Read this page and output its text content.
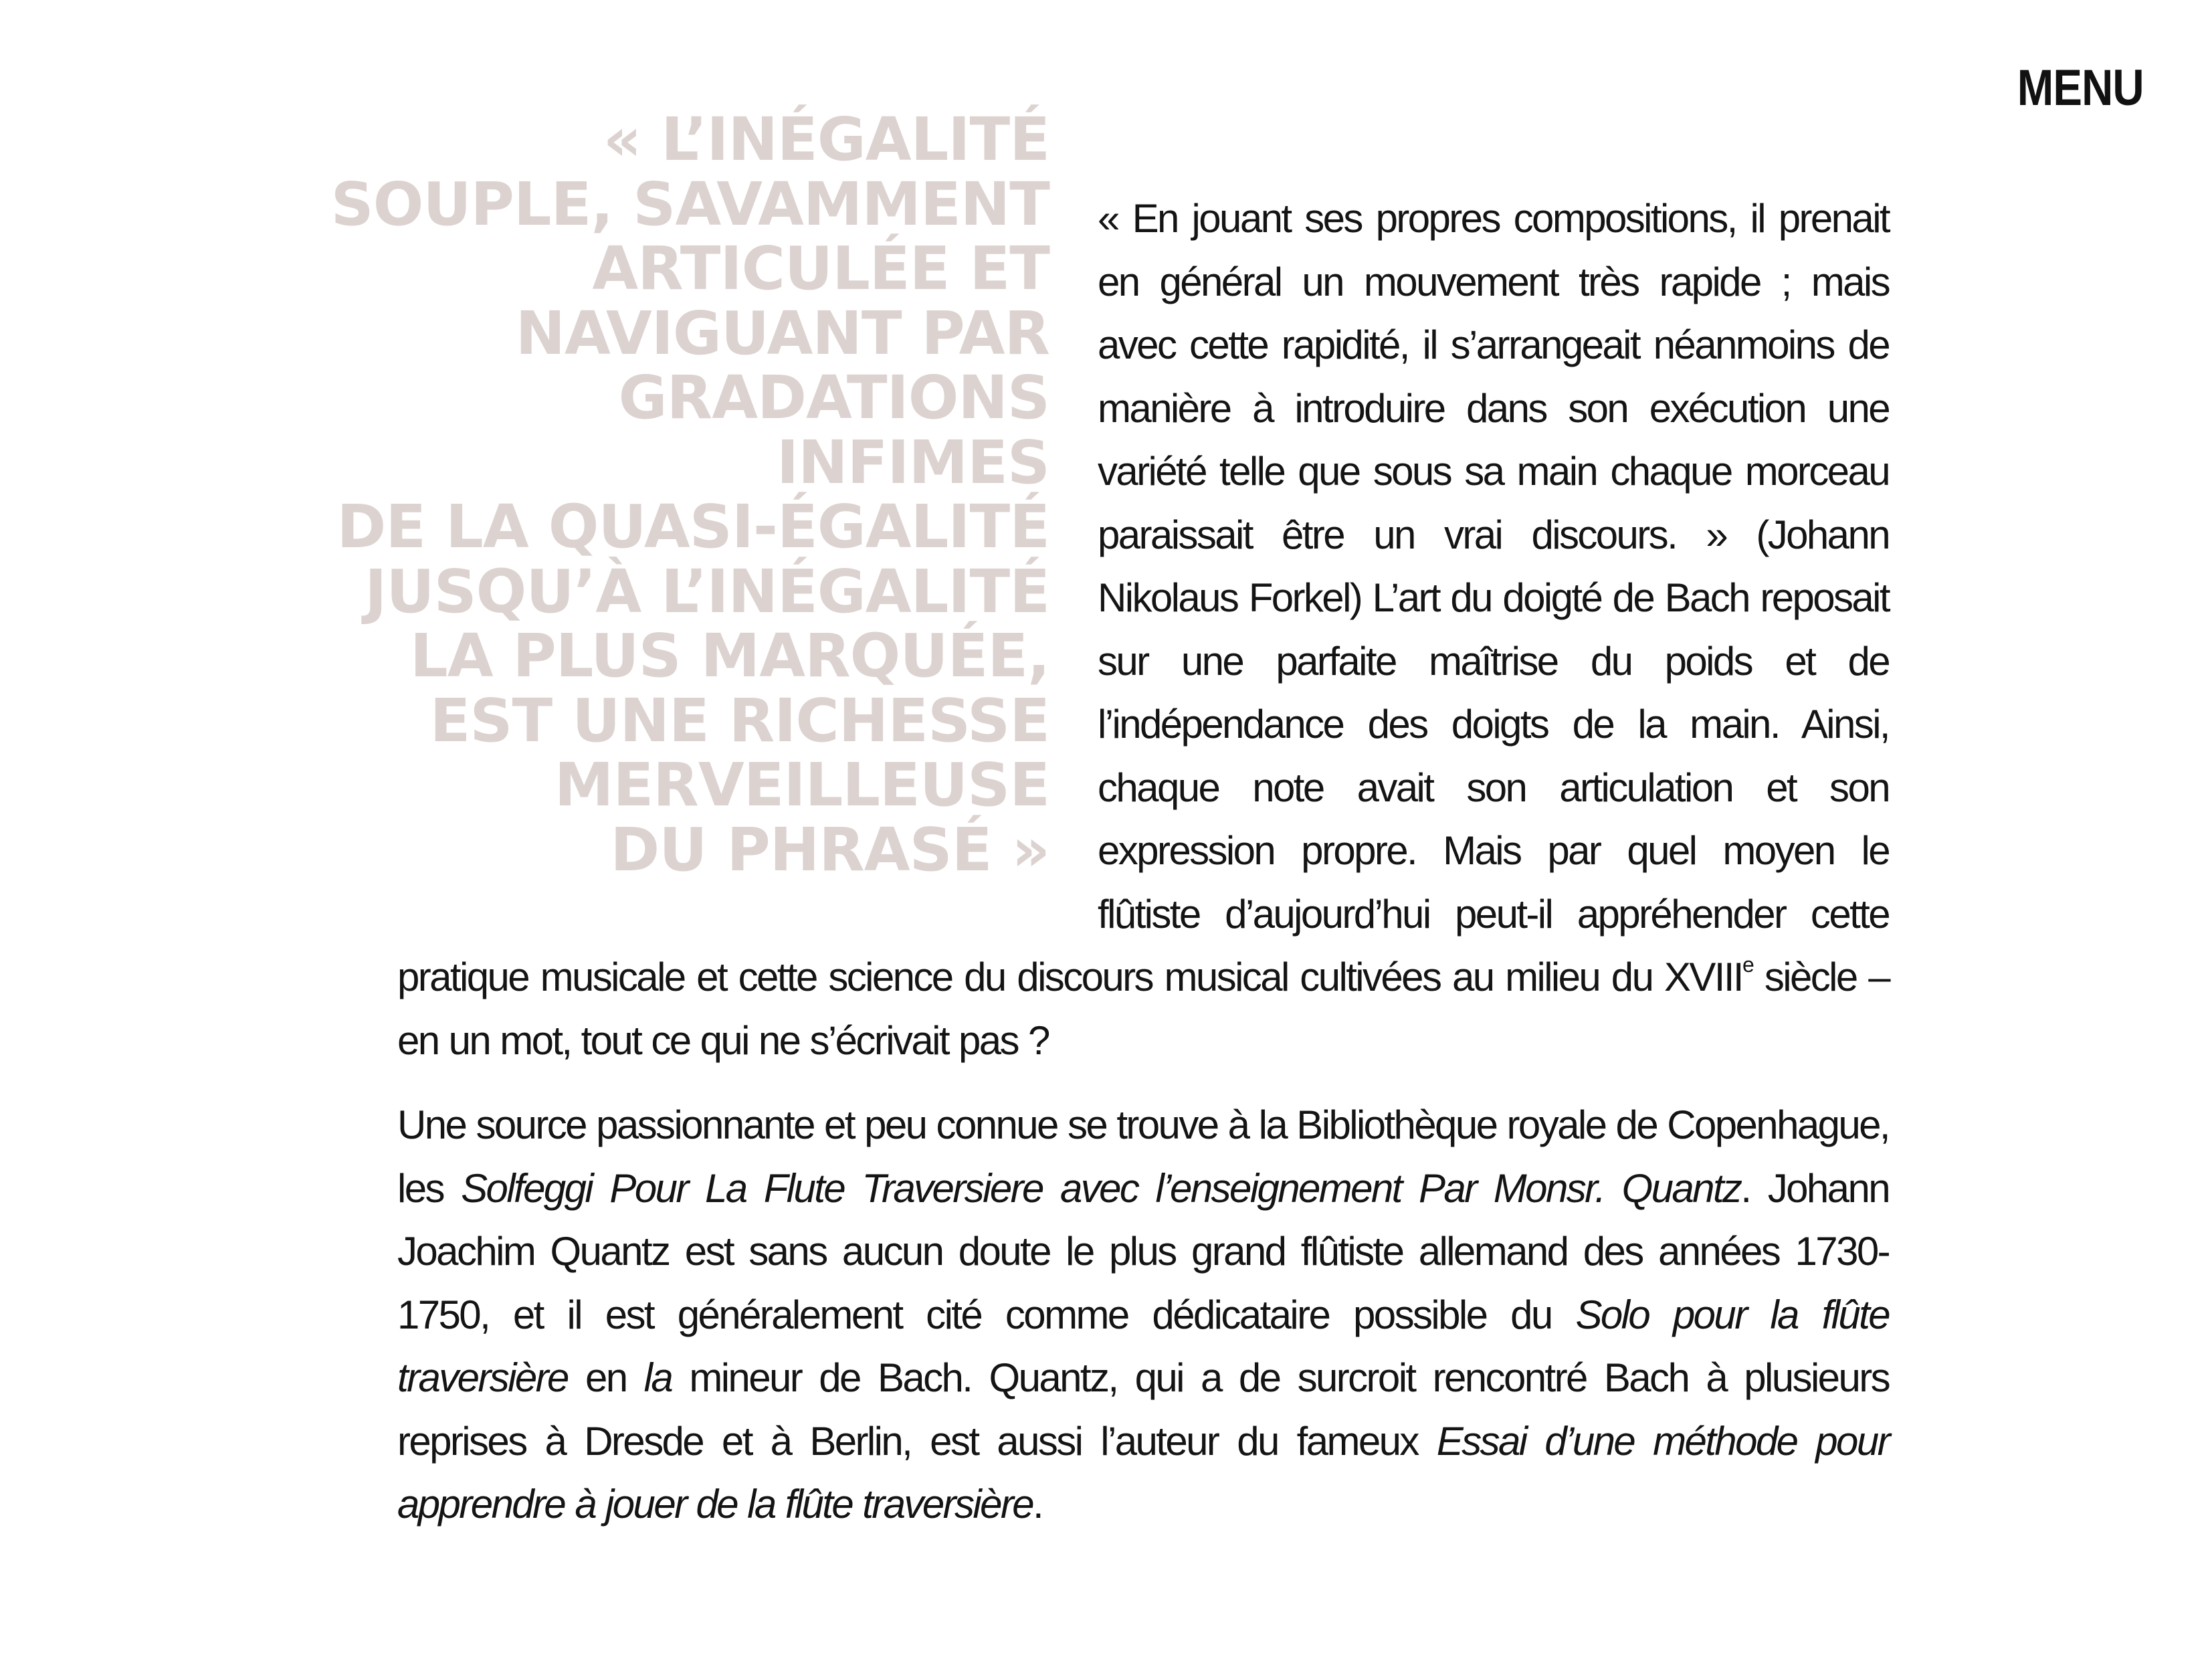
MENU
« L’INÉGALITÉ
SOUPLE, SAVAMMENT
ARTICULÉE ET
NAVIGUANT PAR
GRADATIONS INFIMES
DE LA QUASI-ÉGALITÉ
JUSQU’À L’INÉGALITÉ
LA PLUS MARQUÉE,
EST UNE RICHESSE
MERVEILLEUSE
DU PHRASÉ »

« En jouant ses propres compositions, il prenait en général un mouvement très rapide ; mais avec cette rapidité, il s’arrangeait néanmoins de manière à introduire dans son exécution une variété telle que sous sa main chaque morceau paraissait être un vrai discours. » (Johann Nikolaus Forkel) L’art du doigté de Bach reposait sur une parfaite maîtrise du poids et de l’indépendance des doigts de la main. Ainsi, chaque note avait son articulation et son expression propre. Mais par quel moyen le flûtiste d’aujourd’hui peut-il appréhender cette pratique musicale et cette science du discours musical cultivées au milieu du XVIIIe siècle – en un mot, tout ce qui ne s’écrivait pas ?

Une source passionnante et peu connue se trouve à la Bibliothèque royale de Copenhague, les Solfeggi Pour La Flute Traversiere avec l’enseignement Par Monsr. Quantz. Johann Joachim Quantz est sans aucun doute le plus grand flûtiste allemand des années 1730-1750, et il est généralement cité comme dédicataire possible du Solo pour la flûte traversière en la mineur de Bach. Quantz, qui a de surcroit rencontré Bach à plusieurs reprises à Dresde et à Berlin, est aussi l’auteur du fameux Essai d’une méthode pour apprendre à jouer de la flûte traversière.
